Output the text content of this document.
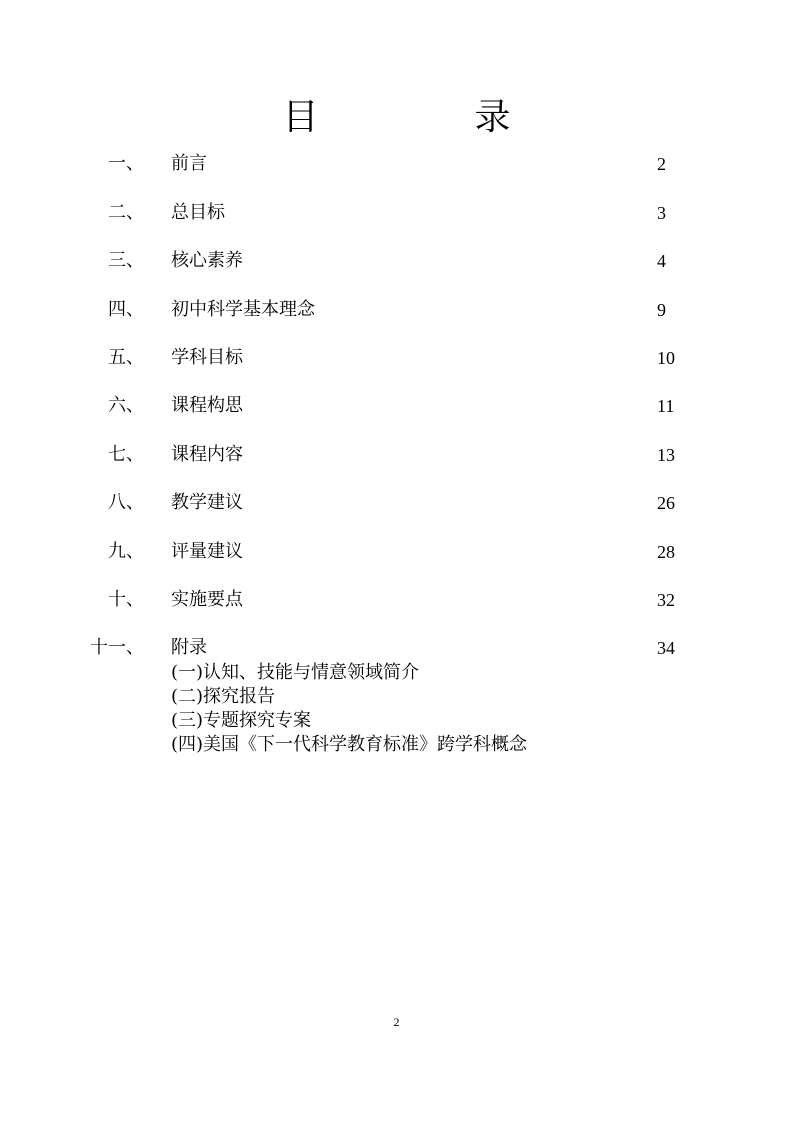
目　录
一、 前言	2
二、 总目标	3
三、 核心素养	4
四、 初中科学基本理念	9
五、 学科目标	10
六、 课程构思	11
七、 课程内容	13
八、 教学建议	26
九、 评量建议	28
十、 实施要点	32
十一、 附录	34
(一)认知、技能与情意领域简介
(二)探究报告
(三)专题探究专案
(四)美国《下一代科学教育标准》跨学科概念
2
